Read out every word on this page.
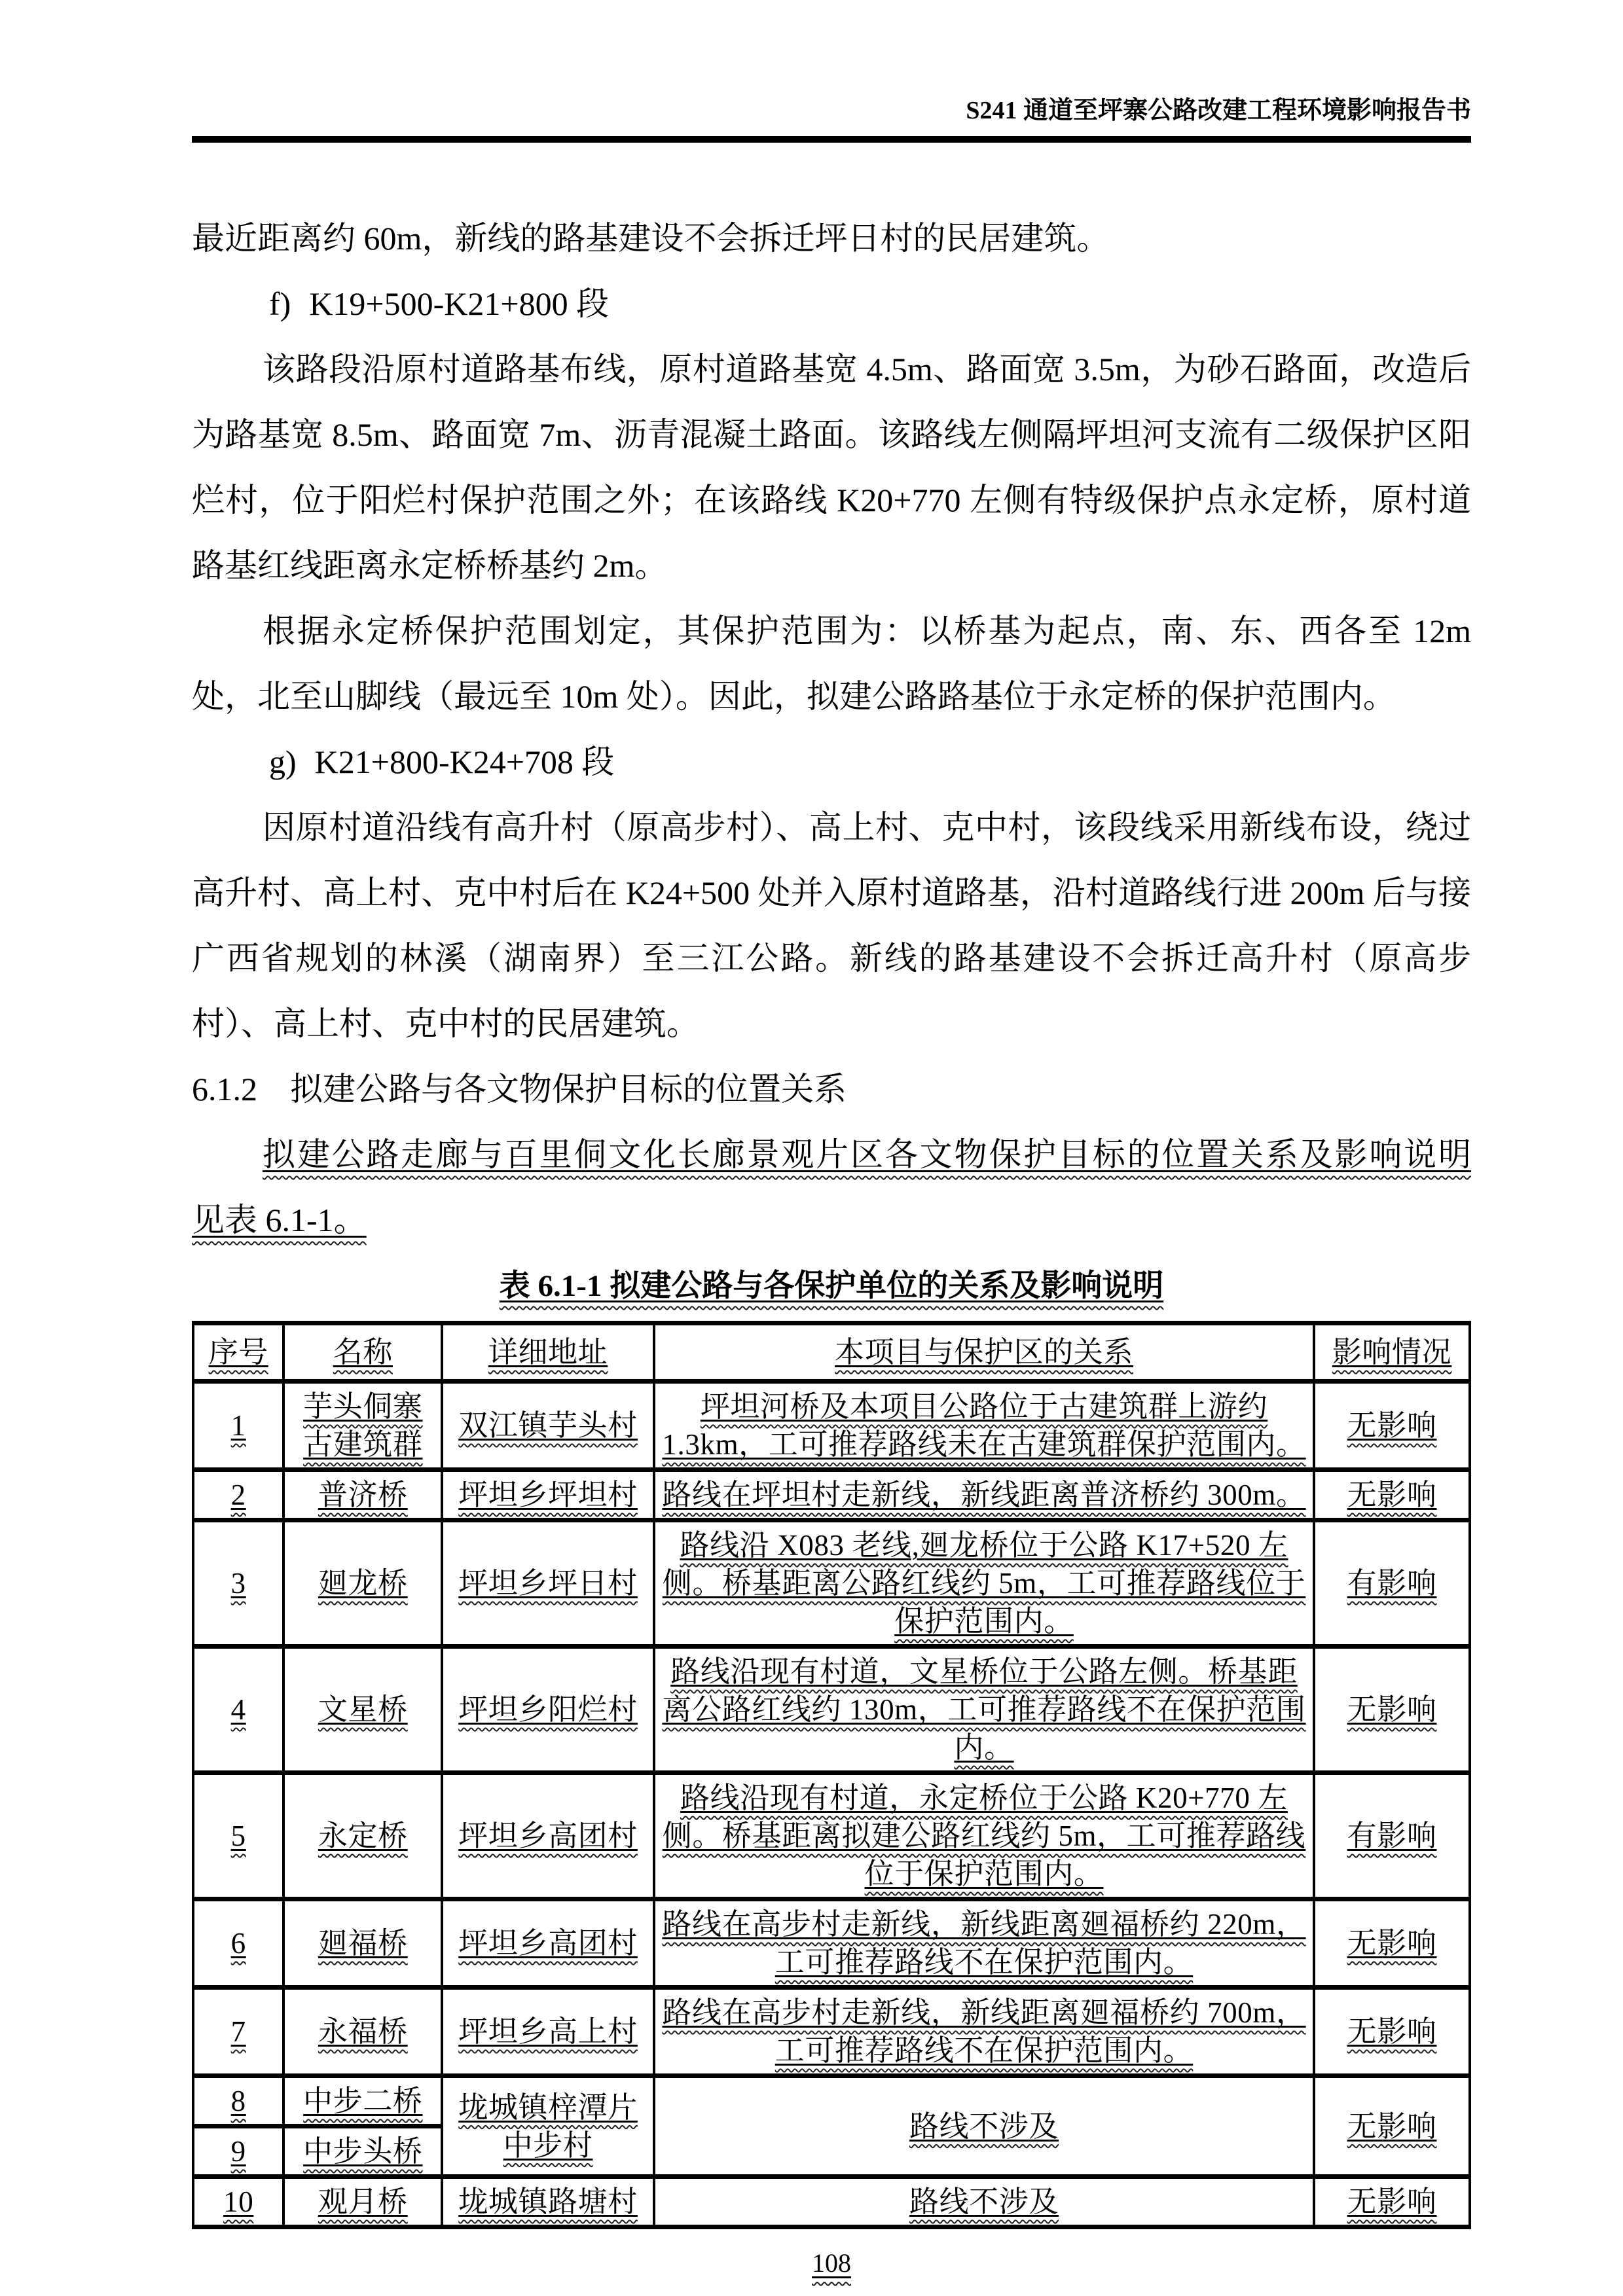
S241 通道至坪寨公路改建工程环境影响报告书

最近距离约 60m，新线的路基建设不会拆迁坪日村的民居建筑。

f) K19+500-K21+800 段

该路段沿原村道路基布线，原村道路基宽 4.5m、路面宽 3.5m，为砂石路面，改造后为路基宽 8.5m、路面宽 7m、沥青混凝土路面。该路线左侧隔坪坦河支流有二级保护区阳烂村，位于阳烂村保护范围之外；在该路线 K20+770 左侧有特级保护点永定桥，原村道路基红线距离永定桥桥基约 2m。

根据永定桥保护范围划定，其保护范围为：以桥基为起点，南、东、西各至 12m 处，北至山脚线（最远至 10m 处）。因此，拟建公路路基位于永定桥的保护范围内。

g) K21+800-K24+708 段

因原村道沿线有高升村（原高步村）、高上村、克中村，该段线采用新线布设，绕过高升村、高上村、克中村后在 K24+500 处并入原村道路基，沿村道路线行进 200m 后与接广西省规划的林溪（湖南界）至三江公路。新线的路基建设不会拆迁高升村（原高步村）、高上村、克中村的民居建筑。

6.1.2　拟建公路与各文物保护目标的位置关系
拟建公路走廊与百里侗文化长廊景观片区各文物保护目标的位置关系及影响说明
见表 6.1-1。

表 6.1-1 拟建公路与各保护单位的关系及影响说明

序号	名称	详细地址	本项目与保护区的关系	影响情况
1	芋头侗寨古建筑群	双江镇芋头村	坪坦河桥及本项目公路位于古建筑群上游约 1.3km，工可推荐路线未在古建筑群保护范围内。	无影响
2	普济桥	坪坦乡坪坦村	路线在坪坦村走新线，新线距离普济桥约 300m。	无影响
3	廻龙桥	坪坦乡坪日村	路线沿 X083 老线,廻龙桥位于公路 K17+520 左侧。桥基距离公路红线约 5m，工可推荐路线位于保护范围内。	有影响
4	文星桥	坪坦乡阳烂村	路线沿现有村道，文星桥位于公路左侧。桥基距离公路红线约 130m，工可推荐路线不在保护范围内。	无影响
5	永定桥	坪坦乡高团村	路线沿现有村道，永定桥位于公路 K20+770 左侧。桥基距离拟建公路红线约 5m，工可推荐路线位于保护范围内。	有影响
6	廻福桥	坪坦乡高团村	路线在高步村走新线，新线距离廻福桥约 220m，工可推荐路线不在保护范围内。	无影响
7	永福桥	坪坦乡高上村	路线在高步村走新线，新线距离廻福桥约 700m，工可推荐路线不在保护范围内。	无影响
8	中步二桥	垅城镇梓潭片中步村	路线不涉及	无影响
9	中步头桥			
10	观月桥	垅城镇路塘村	路线不涉及	无影响
108
